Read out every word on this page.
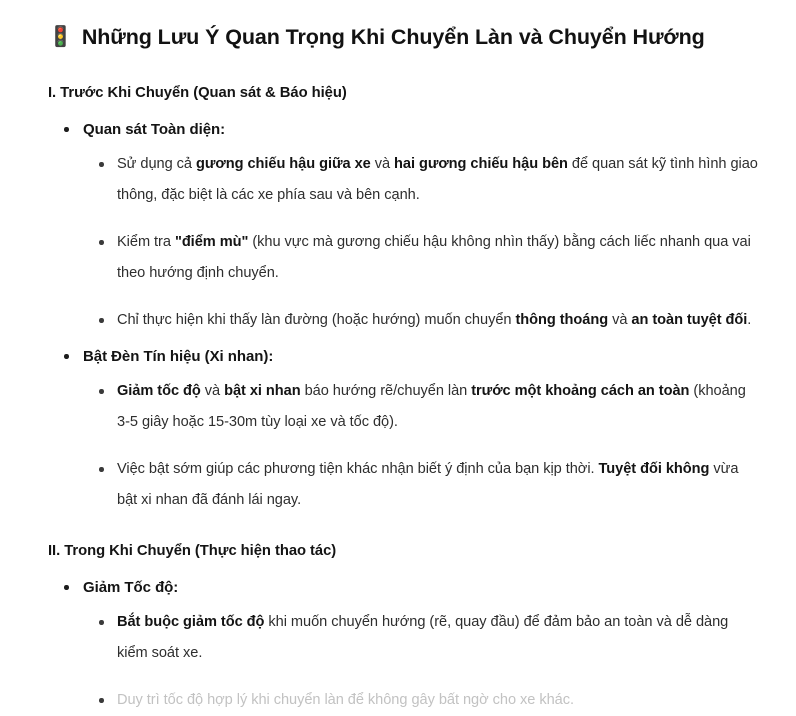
🚦 Những Lưu Ý Quan Trọng Khi Chuyển Làn và Chuyển Hướng
I. Trước Khi Chuyển (Quan sát & Báo hiệu)
Quan sát Toàn diện:
Sử dụng cả gương chiếu hậu giữa xe và hai gương chiếu hậu bên để quan sát kỹ tình hình giao thông, đặc biệt là các xe phía sau và bên cạnh.
Kiểm tra "điểm mù" (khu vực mà gương chiếu hậu không nhìn thấy) bằng cách liếc nhanh qua vai theo hướng định chuyển.
Chỉ thực hiện khi thấy làn đường (hoặc hướng) muốn chuyển thông thoáng và an toàn tuyệt đối.
Bật Đèn Tín hiệu (Xi nhan):
Giảm tốc độ và bật xi nhan báo hướng rẽ/chuyển làn trước một khoảng cách an toàn (khoảng 3-5 giây hoặc 15-30m tùy loại xe và tốc độ).
Việc bật sớm giúp các phương tiện khác nhận biết ý định của bạn kịp thời. Tuyệt đối không vừa bật xi nhan đã đánh lái ngay.
II. Trong Khi Chuyển (Thực hiện thao tác)
Giảm Tốc độ:
Bắt buộc giảm tốc độ khi muốn chuyển hướng (rẽ, quay đầu) để đảm bảo an toàn và dễ dàng kiểm soát xe.
Duy trì tốc độ hợp lý khi chuyển làn để không gây bất ngờ cho xe khác.
